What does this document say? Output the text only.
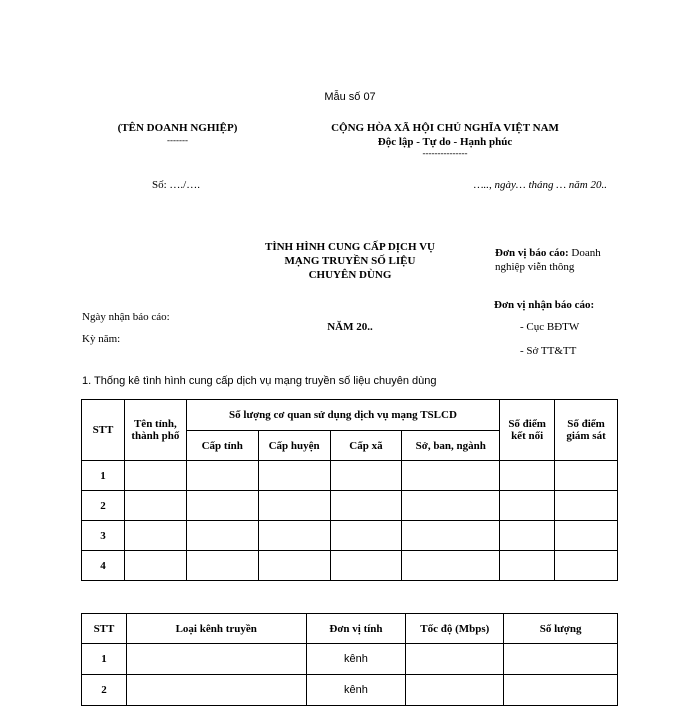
Mẫu số 07
(TÊN DOANH NGHIỆP)
-------
CỘNG HÒA XÃ HỘI CHỦ NGHĨA VIỆT NAM
Độc lập - Tự do - Hạnh phúc
---------------
Số: …./….	….., ngày… tháng … năm 20..
TÌNH HÌNH CUNG CẤP DỊCH VỤ
MẠNG TRUYỀN SỐ LIỆU
CHUYÊN DÙNG
Đơn vị báo cáo: Doanh nghiệp viễn thông
Đơn vị nhận báo cáo:
- Cục BĐTW
- Sở TT&TT
Ngày nhận báo cáo:
Kỳ năm:
NĂM 20..
1. Thống kê tình hình cung cấp dịch vụ mạng truyền số liệu chuyên dùng
STT	Tên tỉnh, thành phố	Số lượng cơ quan sử dụng dịch vụ mạng TSLCD				Số điểm kết nối	Số điểm giám sát
		Cấp tỉnh	Cấp huyện	Cấp xã	Sở, ban, ngành		
1							
2							
3							
4							
STT	Loại kênh truyền	Đơn vị tính	Tốc độ (Mbps)	Số lượng
1		kênh		
2		kênh		
